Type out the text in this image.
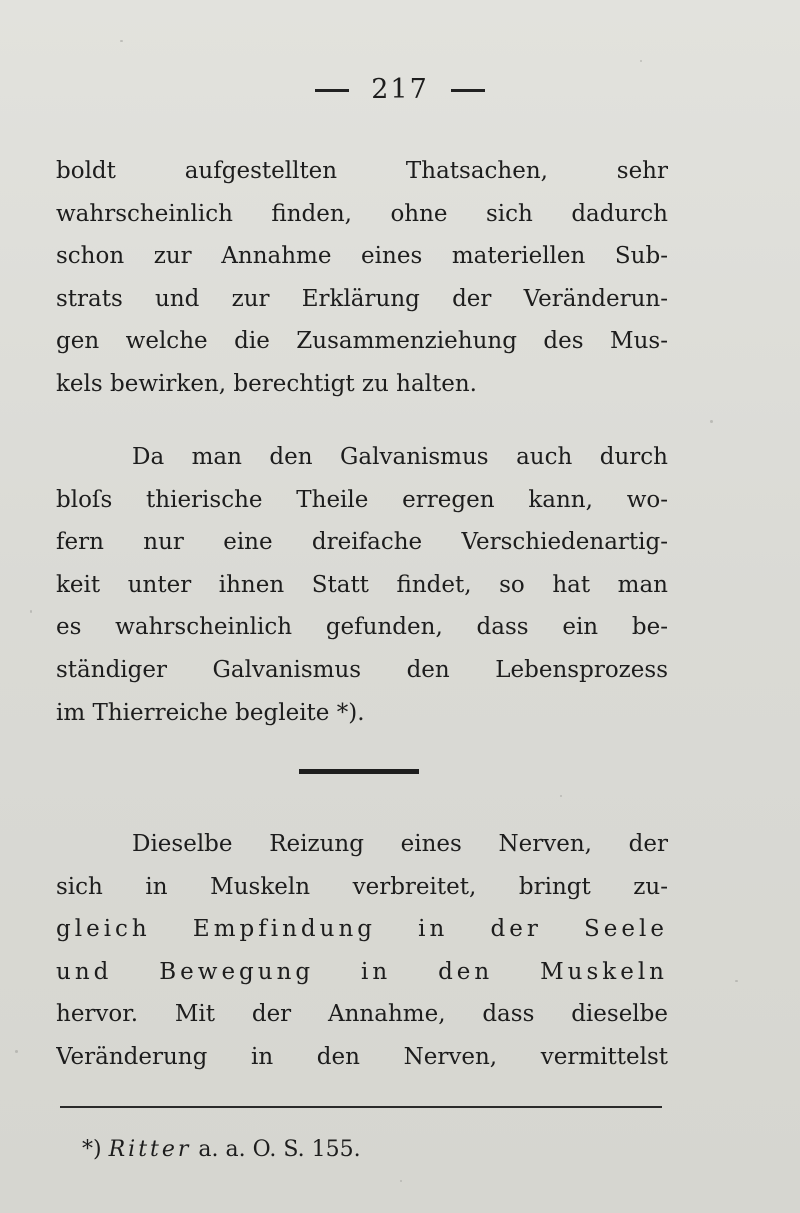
217
boldt aufgestellten Thatsachen, sehr
wahrscheinlich finden, ohne sich dadurch
schon zur Annahme eines materiellen Sub-
strats und zur Erklärung der Veränderun-
gen welche die Zusammenziehung des Mus-
kels bewirken, berechtigt zu halten.
Da man den Galvanismus auch durch
bloſs thierische Theile erregen kann, wo-
fern nur eine dreifache Verschiedenartig-
keit unter ihnen Statt findet, so hat man
es wahrscheinlich gefunden, dass ein be-
ständiger Galvanismus den Lebensprozess
im Thierreiche begleite *).
Dieselbe Reizung eines Nerven, der
sich in Muskeln verbreitet, bringt zu-
gleich Empfindung in der Seele
und Bewegung in den Muskeln
hervor. Mit der Annahme, dass dieselbe
Veränderung in den Nerven, vermittelst
*) Ritter a. a. O. S. 155.
